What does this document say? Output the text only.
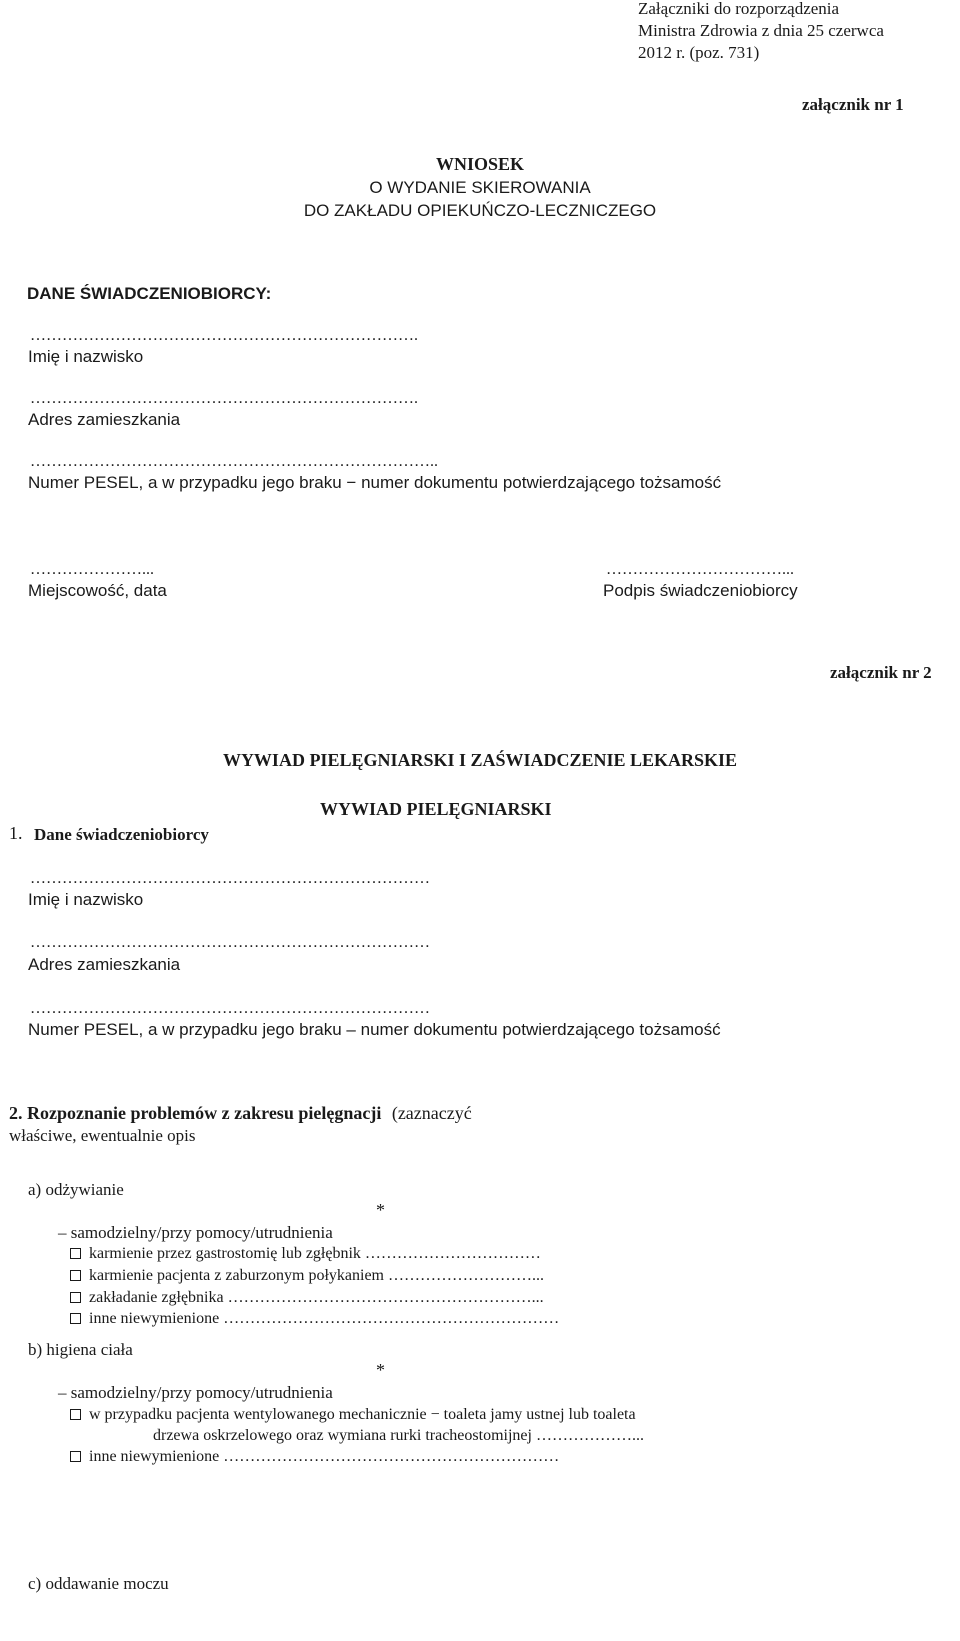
Załączniki do rozporządzenia
Ministra Zdrowia z dnia 25 czerwca
2012 r. (poz. 731)
załącznik nr 1
WNIOSEK
O WYDANIE SKIEROWANIA
DO ZAKŁADU OPIEKUŃCZO-LECZNICZEGO
DANE ŚWIADCZENIOBIORCY:
……………………………………………………………….
Imię i nazwisko
……………………………………………………………….
Adres zamieszkania
…………………………………………………………………..
Numer PESEL, a w przypadku jego braku − numer dokumentu potwierdzającego tożsamość
…………………...
Miejscowość, data
……………………………...
Podpis świadczeniobiorcy
załącznik nr 2
WYWIAD PIELĘGNIARSKI I ZAŚWIADCZENIE LEKARSKIE
WYWIAD PIELĘGNIARSKI
1. Dane świadczeniobiorcy
…………………………………………………………………
Imię i nazwisko
…………………………………………………………………
Adres zamieszkania
…………………………………………………………………
Numer PESEL, a w przypadku jego braku – numer dokumentu potwierdzającego tożsamość
2. Rozpoznanie problemów z zakresu pielęgnacji (zaznaczyć
właściwe, ewentualnie opis
a) odżywianie
*
– samodzielny/przy pomocy/utrudnienia
karmienie przez gastrostomię lub zgłębnik ……………………………
karmienie pacjenta z zaburzonym połykaniem ………………………...
zakładanie zgłębnika …………………………………………………...
inne niewymienione ………………………………………………………
b) higiena ciała
*
– samodzielny/przy pomocy/utrudnienia
w przypadku pacjenta wentylowanego mechanicznie − toaleta jamy ustnej lub toaleta
drzewa oskrzelowego oraz wymiana rurki tracheostomijnej ………………...
inne niewymienione ………………………………………………………
c) oddawanie moczu
